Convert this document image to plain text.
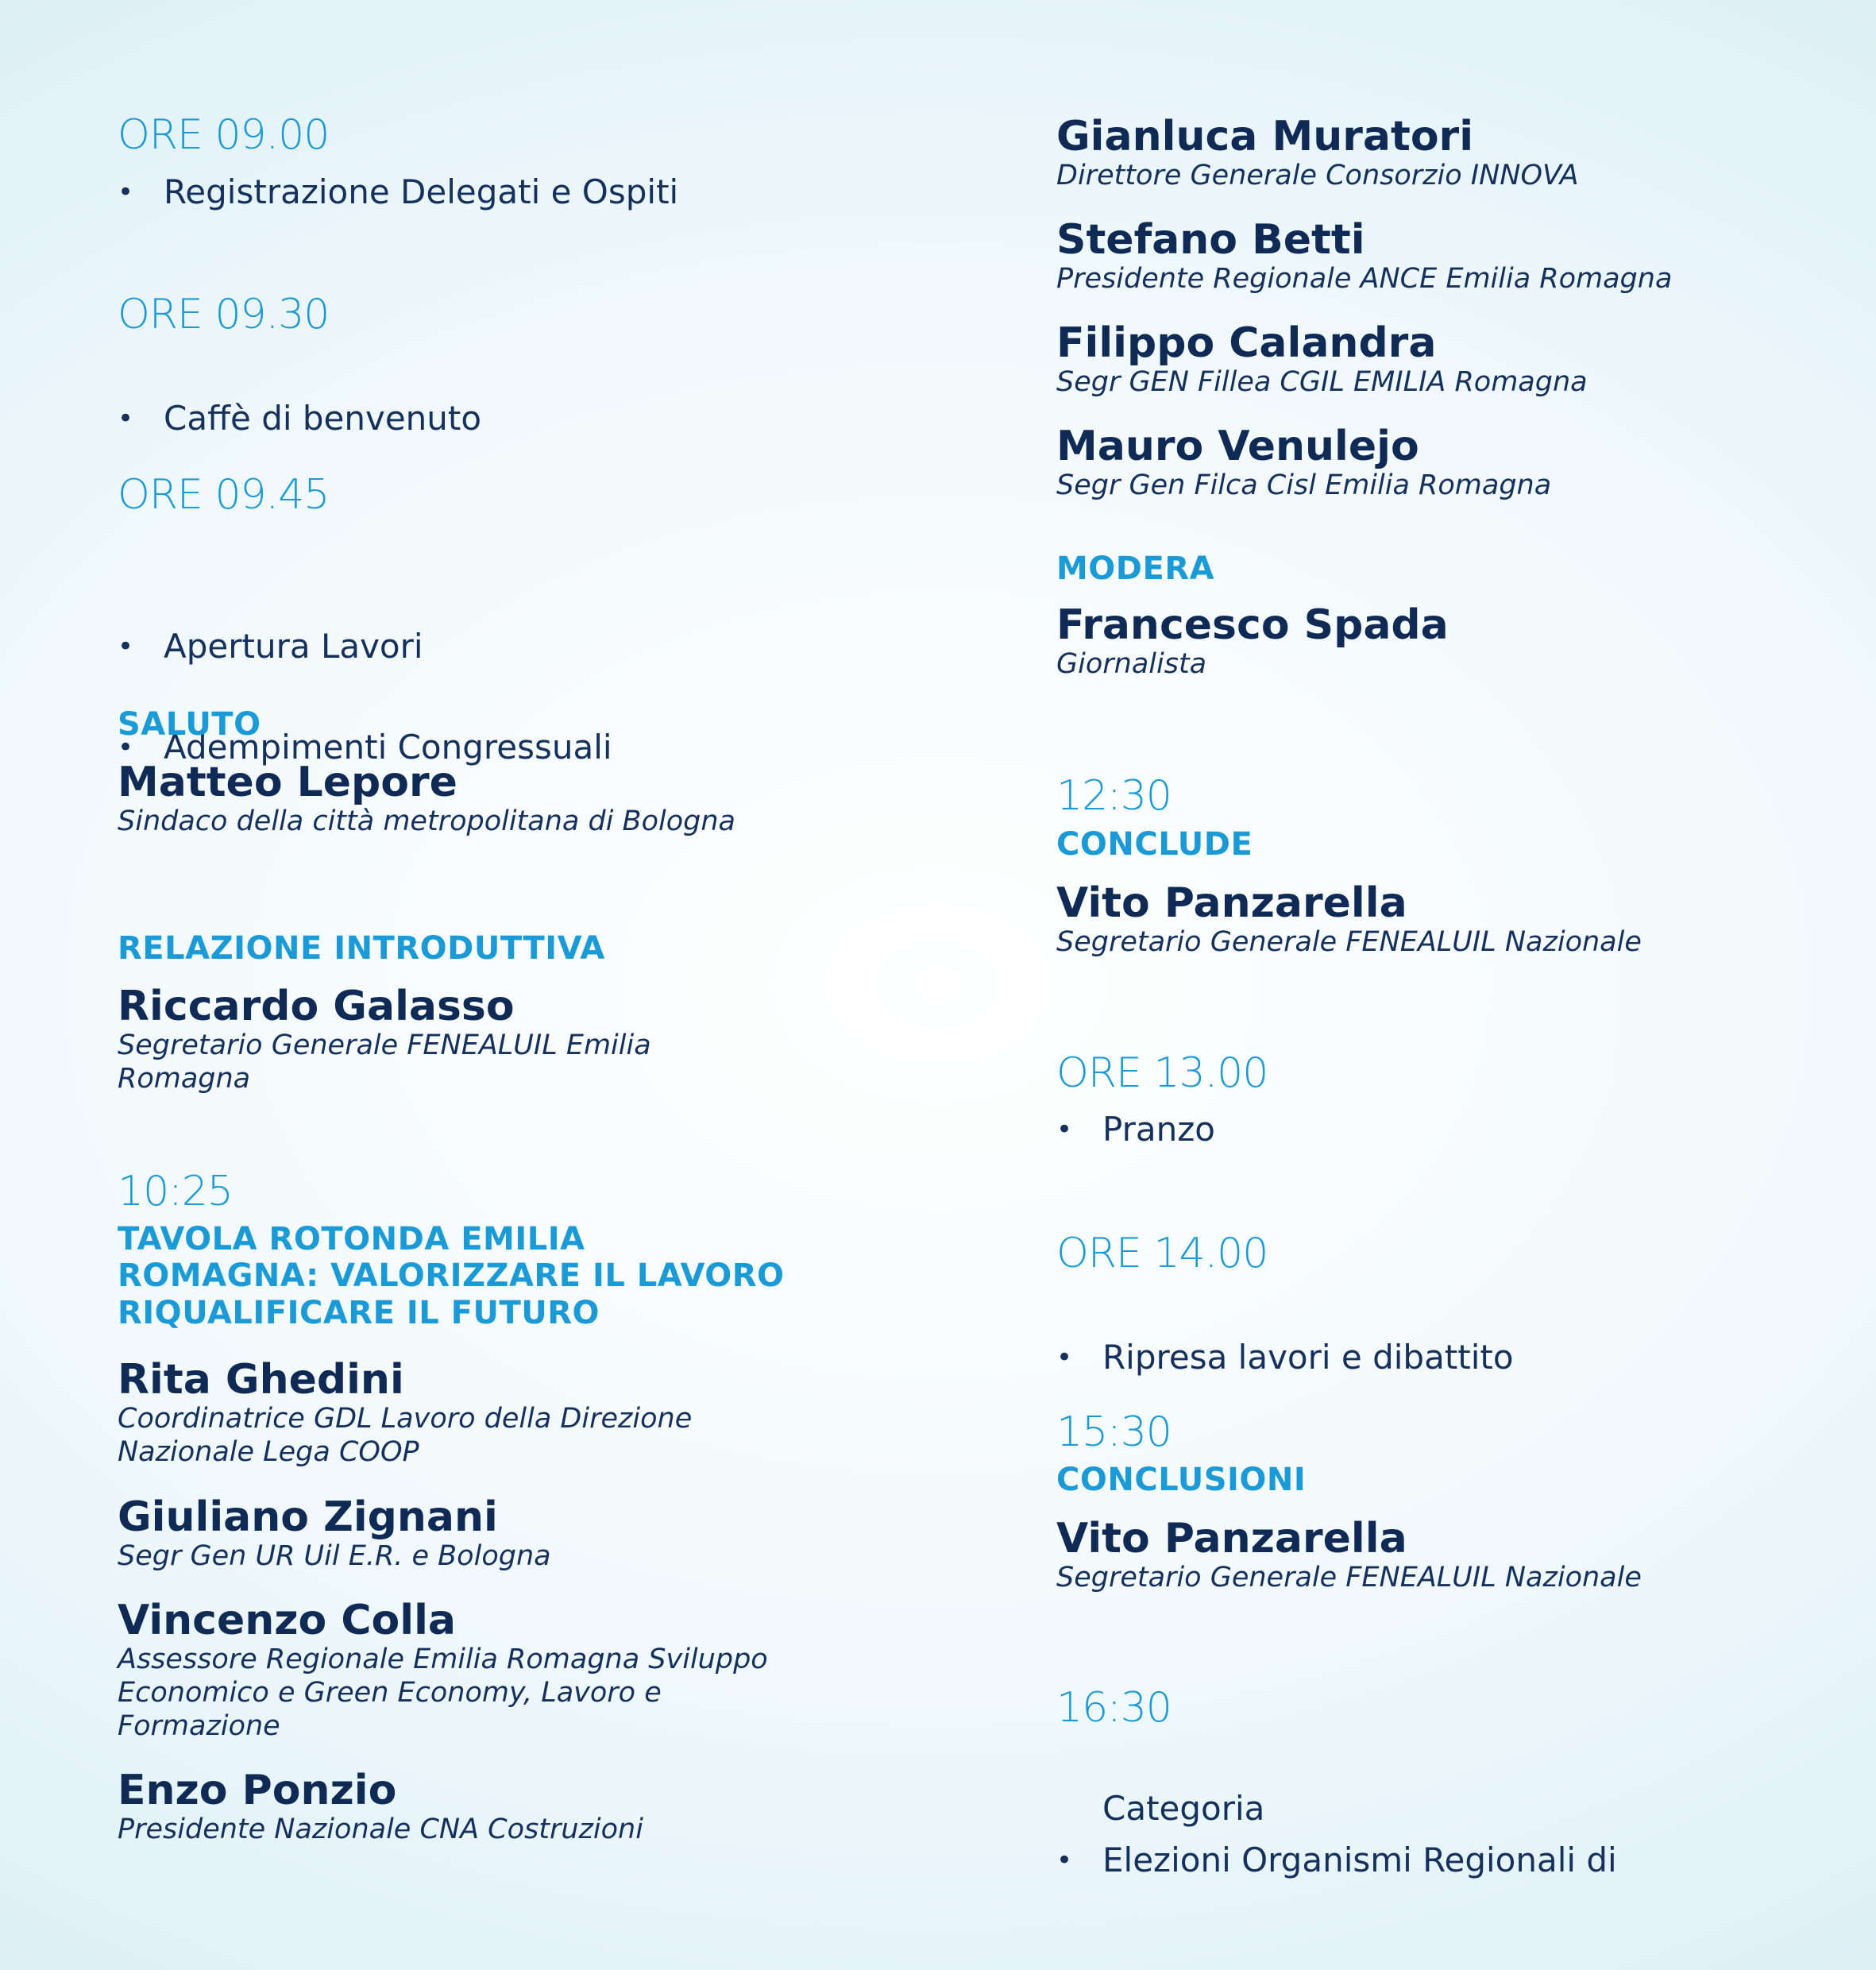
ORE 09.00
• Registrazione Delegati e Ospiti
ORE 09.30
• Caffè di benvenuto
ORE 09.45
• Apertura Lavori
• Adempimenti Congressuali
SALUTO
Matteo Lepore
Sindaco della città metropolitana di Bologna
RELAZIONE INTRODUTTIVA
Riccardo Galasso
Segretario Generale FENEALUIL Emilia
Romagna
10:25
TAVOLA ROTONDA EMILIA
ROMAGNA: VALORIZZARE IL LAVORO
RIQUALIFICARE IL FUTURO
Rita Ghedini
Coordinatrice GDL Lavoro della Direzione
Nazionale Lega COOP
Giuliano Zignani
Segr Gen UR Uil E.R. e Bologna
Vincenzo Colla
Assessore Regionale Emilia Romagna Sviluppo
Economico e Green Economy, Lavoro e
Formazione
Enzo Ponzio
Presidente Nazionale CNA Costruzioni
Gianluca Muratori
Direttore Generale Consorzio INNOVA
Stefano Betti
Presidente Regionale ANCE Emilia Romagna
Filippo Calandra
Segr GEN Fillea CGIL EMILIA Romagna
Mauro Venulejo
Segr Gen Filca Cisl Emilia Romagna
MODERA
Francesco Spada
Giornalista
12:30
CONCLUDE
Vito Panzarella
Segretario Generale FENEALUIL Nazionale
ORE 13.00
• Pranzo
ORE 14.00
• Ripresa lavori e dibattito
15:30
CONCLUSIONI
Vito Panzarella
Segretario Generale FENEALUIL Nazionale
16:30
• Elezioni Organismi Regionali di
Categoria
